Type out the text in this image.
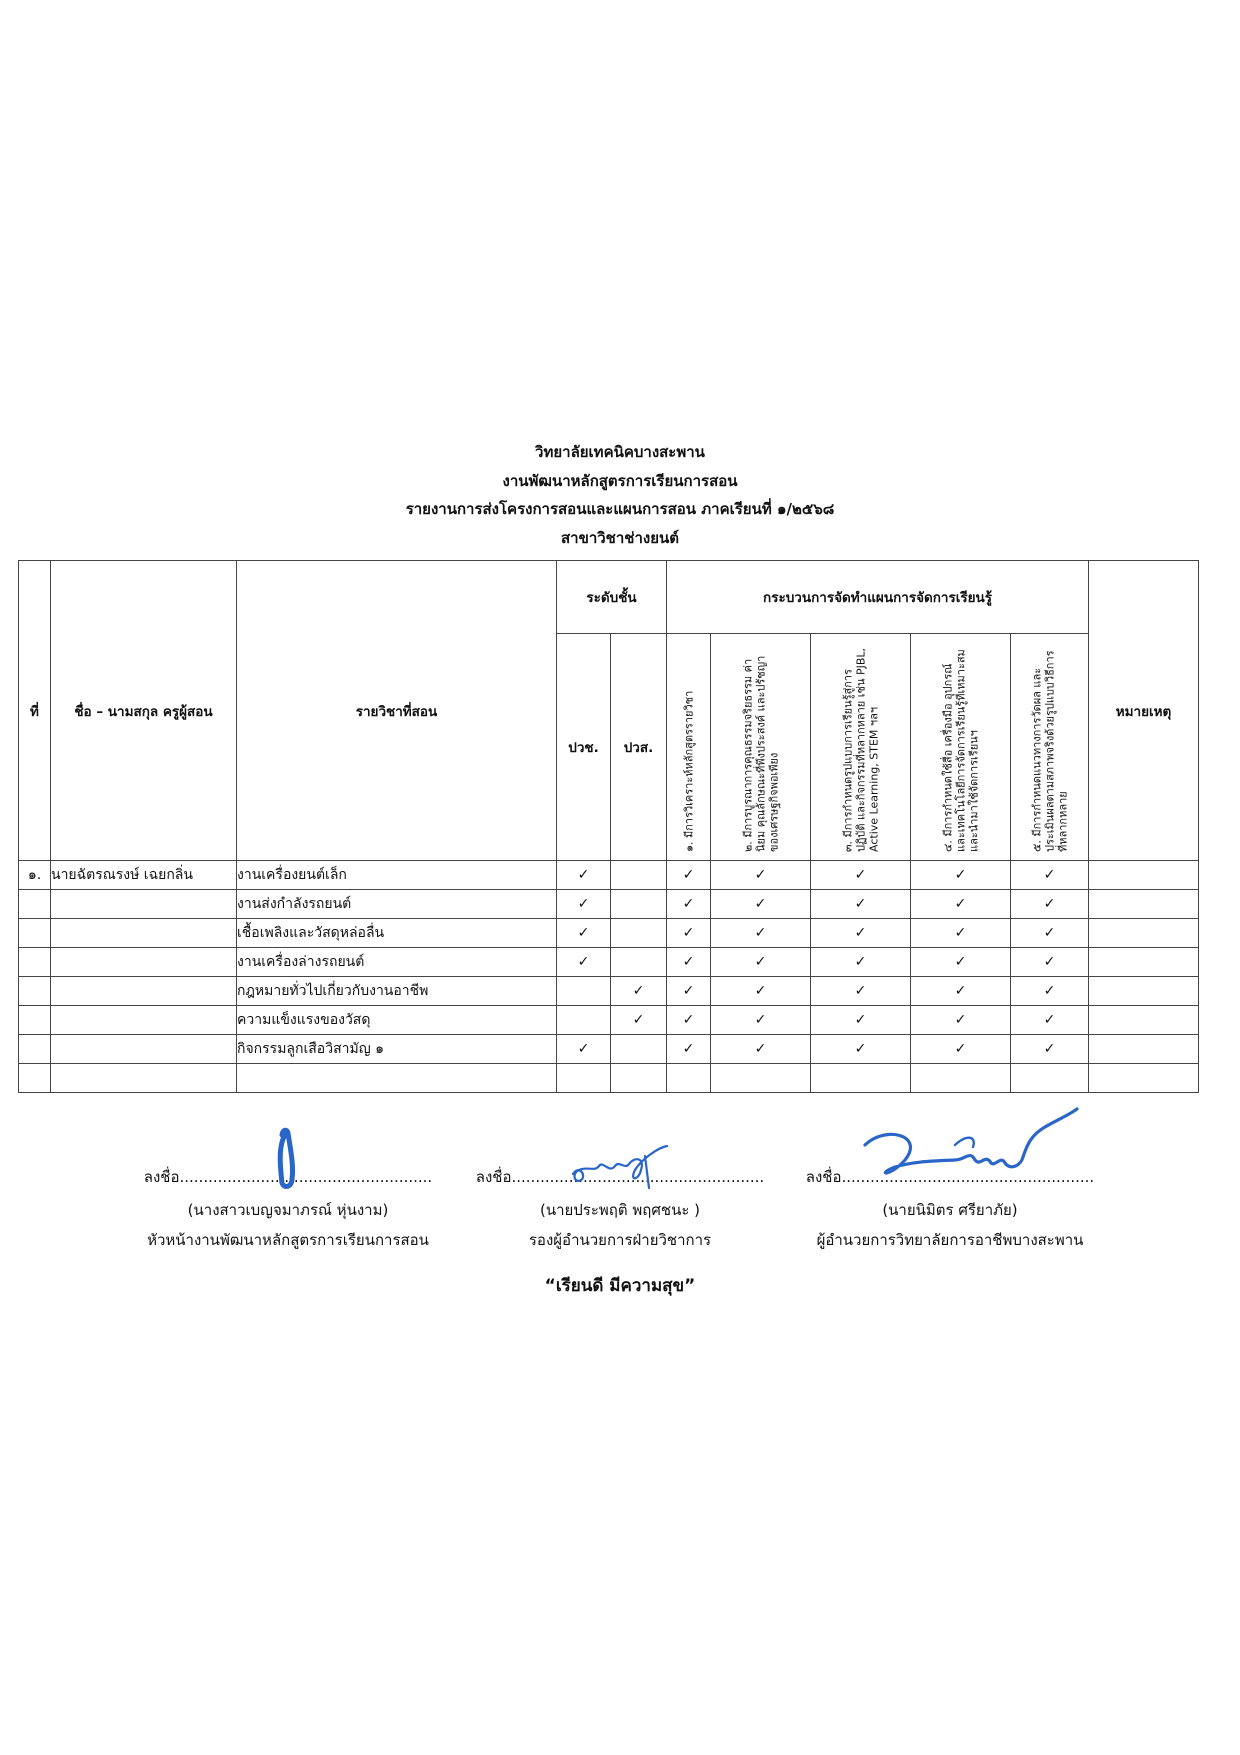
วิทยาลัยเทคนิคบางสะพาน
งานพัฒนาหลักสูตรการเรียนการสอน
รายงานการส่งโครงการสอนและแผนการสอน ภาคเรียนที่ ๑/๒๕๖๘
สาขาวิชาช่างยนต์
ที่	ชื่อ – นามสกุล ครูผู้สอน	รายวิชาที่สอน	ระดับชั้น		กระบวนการจัดทำแผนการจัดการเรียนรู้					หมายเหตุ
			ปวช.	ปวส.	๑. มีการวิเคราะห์หลักสูตรรายวิชา	๒. มีการบูรณาการคุณธรรมจริยธรรม ค่านิยม คุณลักษณะที่พึงประสงค์ และปรัชญาของเศรษฐกิจพอเพียง	๓. มีการกำหนดรูปแบบการเรียนรู้สู่การปฏิบัติ และกิจกรรมที่หลากหลาย เช่น PJBL, Active Learning, STEM ฯลฯ	๔. มีการกำหนดใช้สื่อ เครื่องมือ อุปกรณ์ และเทคโนโลยีการจัดการเรียนรู้ที่เหมาะสม และนำมาใช้จัดการเรียนฯ	๕. มีการกำหนดแนวทางการวัดผล และประเมินผลตามสภาพจริงด้วยรูปแบบวิธีการ ที่หลากหลาย	

๑.	นายฉัตรณรงษ์ เฉยกลิ่น	งานเครื่องยนต์เล็ก	✓		✓	✓	✓	✓	✓	
		งานส่งกำลังรถยนต์	✓		✓	✓	✓	✓	✓	
		เชื้อเพลิงและวัสดุหล่อลื่น	✓		✓	✓	✓	✓	✓	
		งานเครื่องล่างรถยนต์	✓		✓	✓	✓	✓	✓	
		กฎหมายทั่วไปเกี่ยวกับงานอาชีพ		✓	✓	✓	✓	✓	✓	
		ความแข็งแรงของวัสดุ		✓	✓	✓	✓	✓	✓	
		กิจกรรมลูกเสือวิสามัญ ๑	✓		✓	✓	✓	✓	✓	

ลงชื่อ.....................................................
(นางสาวเบญจมาภรณ์ หุ่นงาม)
หัวหน้างานพัฒนาหลักสูตรการเรียนการสอน
ลงชื่อ.....................................................
(นายประพฤติ พฤศชนะ )
รองผู้อำนวยการฝ่ายวิชาการ
ลงชื่อ.....................................................
(นายนิมิตร ศรียาภัย)
ผู้อำนวยการวิทยาลัยการอาชีพบางสะพาน
“เรียนดี มีความสุข”
